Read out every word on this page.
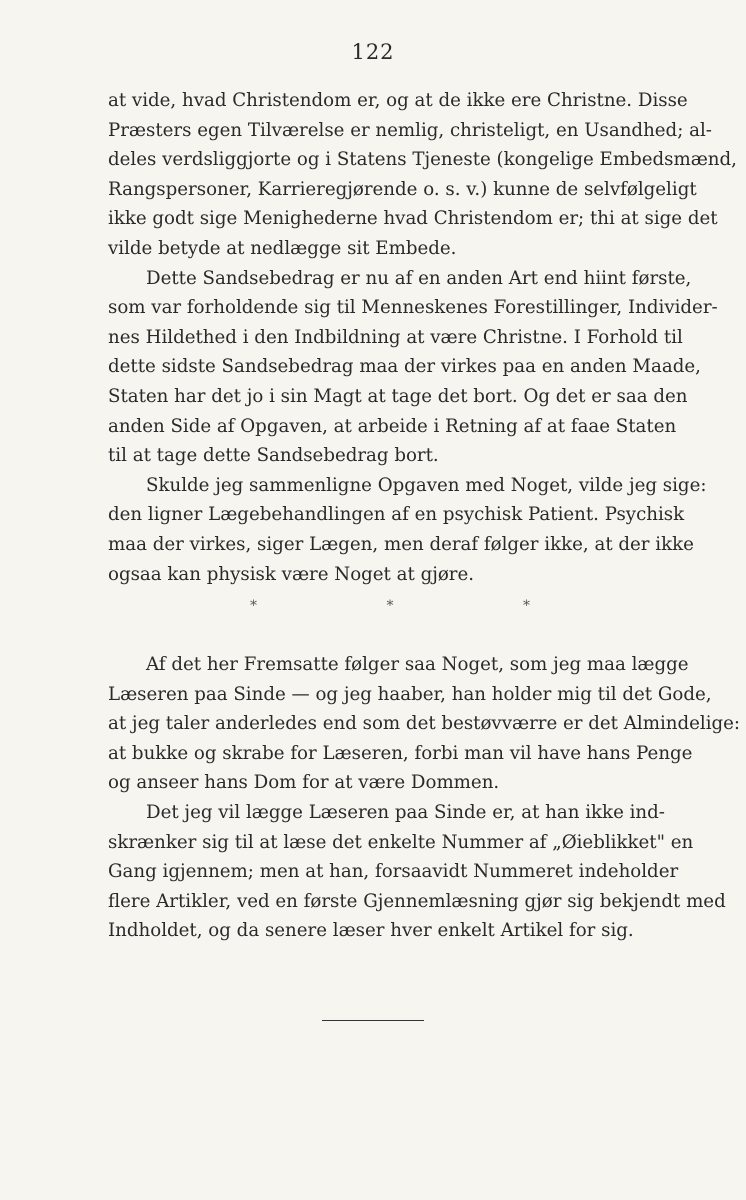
122
at vide, hvad Christendom er, og at de ikke ere Christne. Disse
Præsters egen Tilværelse er nemlig, christeligt, en Usandhed; al-
deles verdsliggjorte og i Statens Tjeneste (kongelige Embedsmænd,
Rangspersoner, Karrieregjørende o. s. v.) kunne de selvfølgeligt
ikke godt sige Menighederne hvad Christendom er; thi at sige det
vilde betyde at nedlægge sit Embede.
Dette Sandsebedrag er nu af en anden Art end hiint første,
som var forholdende sig til Menneskenes Forestillinger, Individer-
nes Hildethed i den Indbildning at være Christne. I Forhold til
dette sidste Sandsebedrag maa der virkes paa en anden Maade,
Staten har det jo i sin Magt at tage det bort. Og det er saa den
anden Side af Opgaven, at arbeide i Retning af at faae Staten
til at tage dette Sandsebedrag bort.
Skulde jeg sammenligne Opgaven med Noget, vilde jeg sige:
den ligner Lægebehandlingen af en psychisk Patient. Psychisk
maa der virkes, siger Lægen, men deraf følger ikke, at der ikke
ogsaa kan physisk være Noget at gjøre.
*	*	*
Af det her Fremsatte følger saa Noget, som jeg maa lægge
Læseren paa Sinde — og jeg haaber, han holder mig til det Gode,
at jeg taler anderledes end som det bestøvværre er det Almindelige:
at bukke og skrabe for Læseren, forbi man vil have hans Penge
og anseer hans Dom for at være Dommen.
Det jeg vil lægge Læseren paa Sinde er, at han ikke ind-
skrænker sig til at læse det enkelte Nummer af „Øieblikket" en
Gang igjennem; men at han, forsaavidt Nummeret indeholder
flere Artikler, ved en første Gjennemlæsning gjør sig bekjendt med
Indholdet, og da senere læser hver enkelt Artikel for sig.
